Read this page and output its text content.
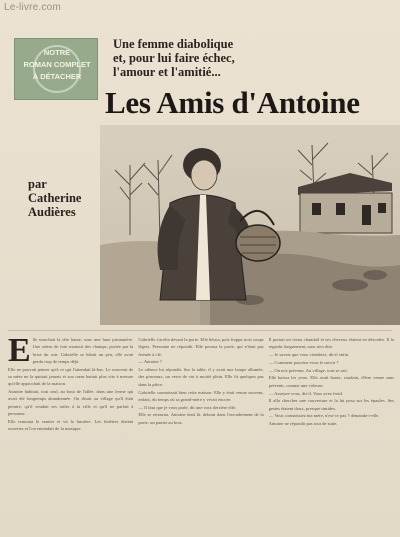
Le-livre.com
NOTRE
ROMAN COMPLET
À DÉTACHER
Une femme diabolique
et, pour lui faire échec,
l'amour et l'amitié...
Les Amis d'Antoine
par
Catherine
Audières
E lle marchait la tête haute, sous une lune printanière. Une odeur de foin montait des champs, portée par la brise du soir. Gabrielle se hâtait un peu, elle avait perdu trop de temps déjà.

Elle ne pouvait penser qu'à ce qui l'attendait là-bas. Le souvenir de sa mère ne la quittait jamais et son cœur battait plus vite à mesure qu'elle approchait de la maison.

Antoine habitait, tout seul, au bout de l'allée, dans une ferme qui avait été longtemps abandonnée. On disait au village qu'il était peintre, qu'il vendait ses toiles à la ville et qu'il ne parlait à personne.

Elle remonta le sentier et vit la lumière. Les fenêtres étaient ouvertes et l'on entendait de la musique.

Gabrielle s'arrêta devant la porte. Elle hésita, puis frappa trois coups légers. Personne ne répondit. Elle poussa la porte, qui n'était pas fermée à clé.

— Antoine ?

Le silence lui répondit. Sur la table, il y avait une lampe allumée, des pinceaux, un verre de vin à moitié plein. Elle fit quelques pas dans la pièce.

Gabrielle connaissait bien cette maison. Elle y était venue souvent, enfant, du temps où sa grand-mère y vivait encore.

— Il faut que je vous parle, dit une voix derrière elle.

Elle se retourna. Antoine était là, debout dans l'encadrement de la porte, un panier au bras.

Il portait un vieux chandail et ses cheveux étaient en désordre. Il la regarda longuement, sans rien dire.

— Je savais que vous viendriez, dit-il enfin.

— Comment pouviez-vous le savoir ?

— On m'a prévenu. Au village, tout se sait.

Elle baissa les yeux. Elle avait honte, soudain, d'être venue sans prévenir, comme une voleuse.

— Asseyez-vous, dit-il. Vous avez froid.

Il alla chercher une couverture et la lui posa sur les épaules. Ses gestes étaient doux, presque timides.

— Vous connaissiez ma mère, n'est-ce pas ? demanda-t-elle.

Antoine ne répondit pas tout de suite.
